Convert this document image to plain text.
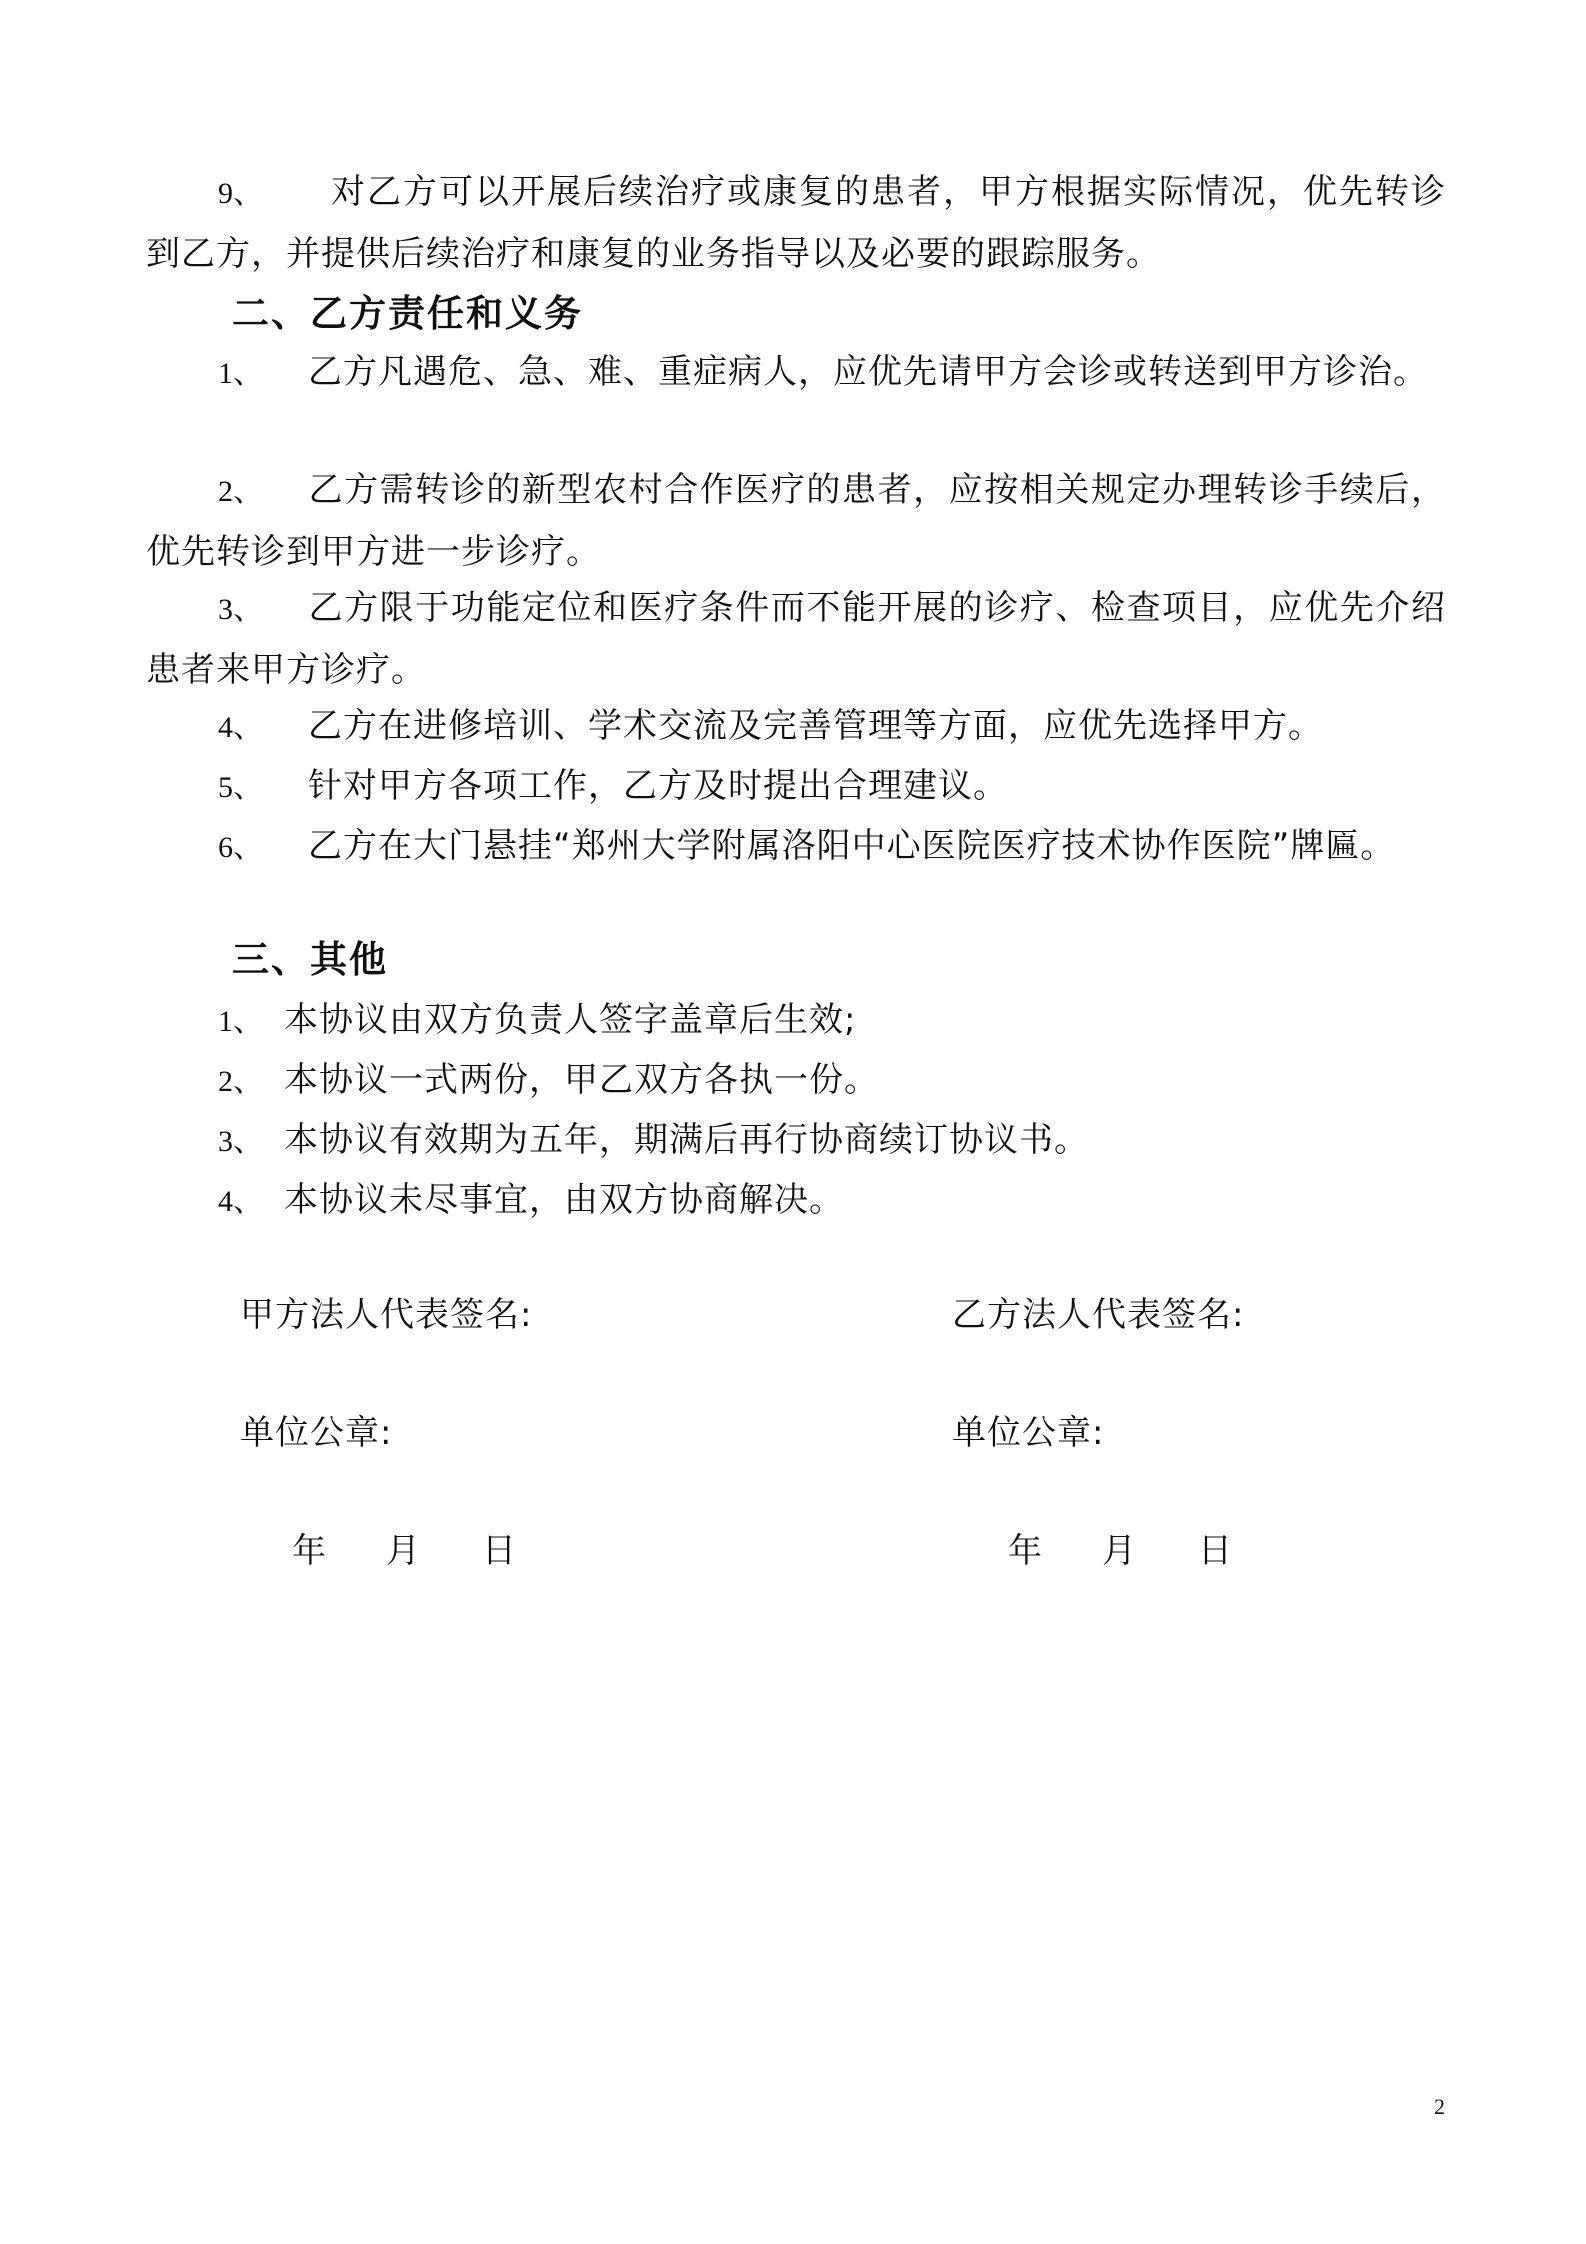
9、 对乙方可以开展后续治疗或康复的患者，甲方根据实际情况，优先转诊到乙方，并提供后续治疗和康复的业务指导以及必要的跟踪服务。

二、乙方责任和义务

1、 乙方凡遇危、急、难、重症病人，应优先请甲方会诊或转送到甲方诊治。

2、 乙方需转诊的新型农村合作医疗的患者，应按相关规定办理转诊手续后，优先转诊到甲方进一步诊疗。

3、 乙方限于功能定位和医疗条件而不能开展的诊疗、检查项目，应优先介绍患者来甲方诊疗。

4、 乙方在进修培训、学术交流及完善管理等方面，应优先选择甲方。

5、 针对甲方各项工作，乙方及时提出合理建议。

6、 乙方在大门悬挂“郑州大学附属洛阳中心医院医疗技术协作医院”牌匾。

三、其他

1、 本协议由双方负责人签字盖章后生效;

2、 本协议一式两份，甲乙双方各执一份。

3、 本协议有效期为五年，期满后再行协商续订协议书。

4、 本协议未尽事宜，由双方协商解决。

甲方法人代表签名:
单位公章:
年 月 日
乙方法人代表签名:
单位公章:
年 月 日
2
